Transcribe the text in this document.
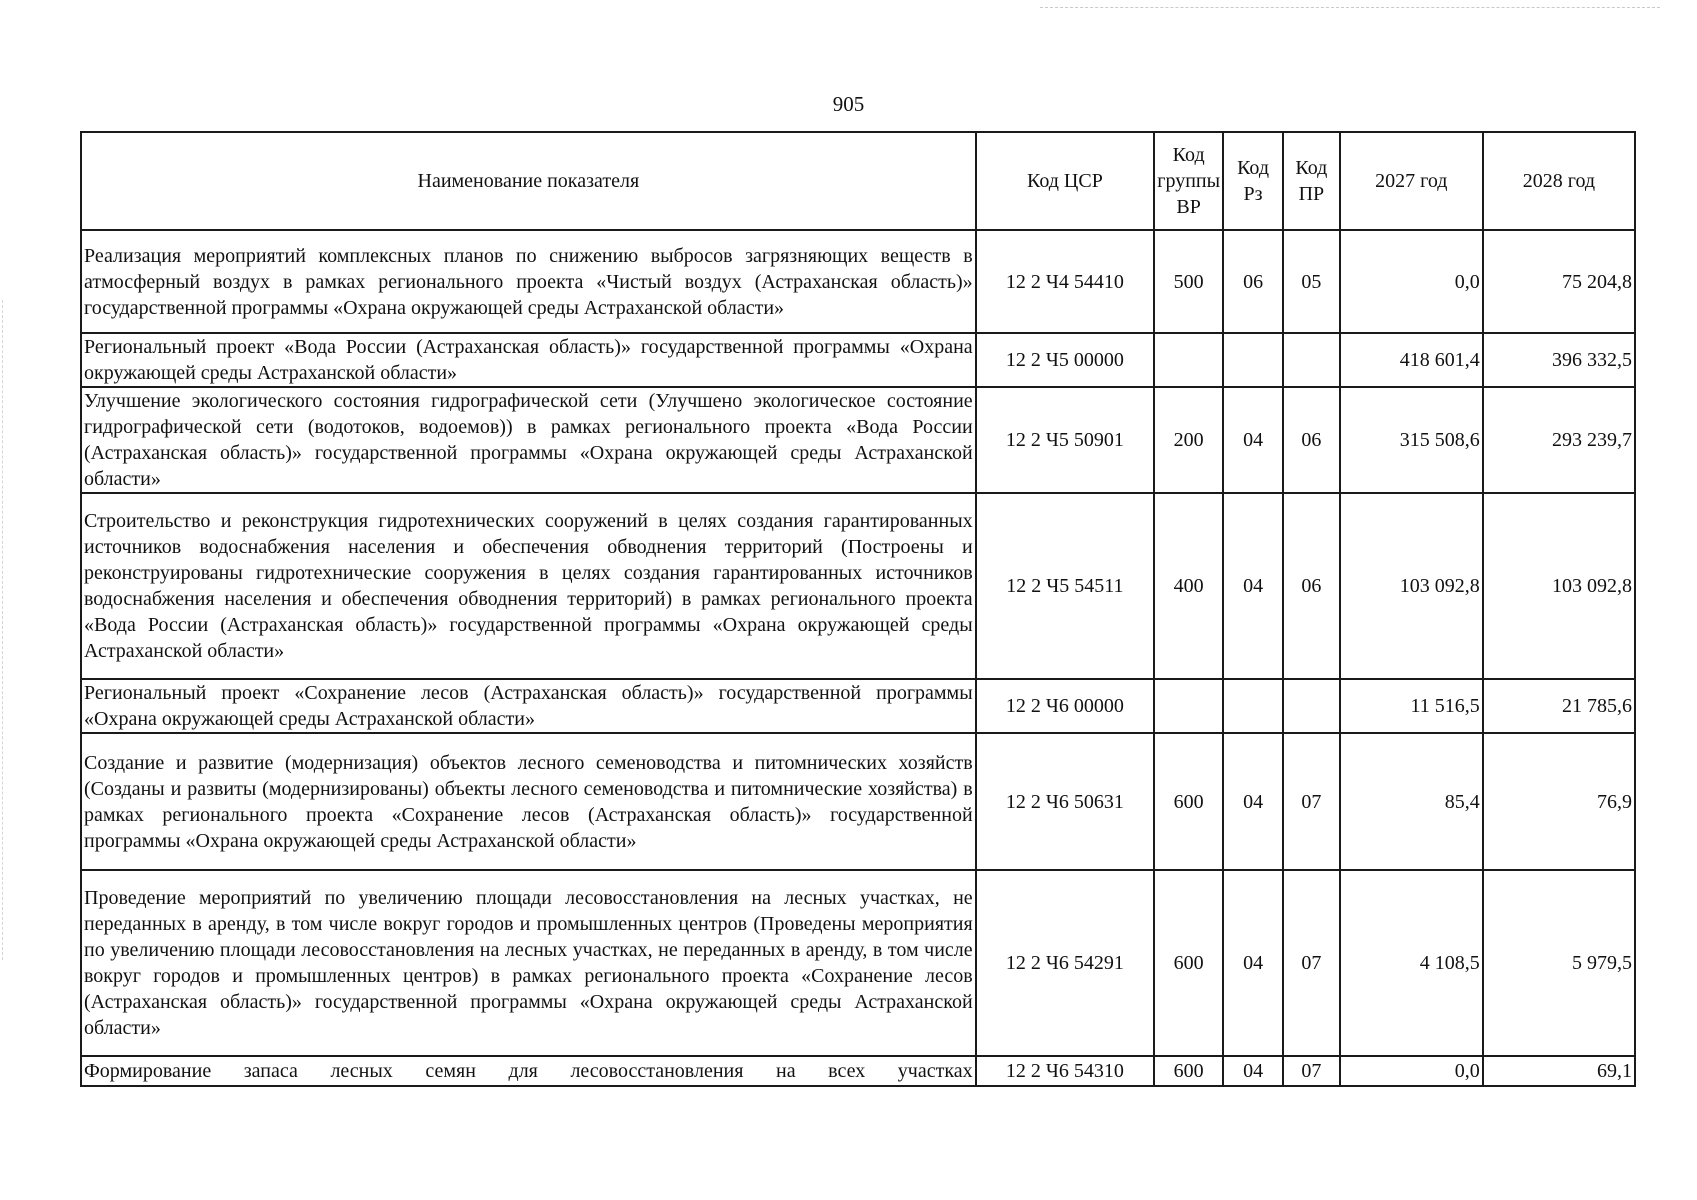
905
Наименование показателя	Код ЦСР	Код группы ВР	Код Рз	Код ПР	2027 год	2028 год
Реализация мероприятий комплексных планов по снижению выбросов загрязняющих веществ в атмосферный воздух в рамках регионального проекта «Чистый воздух (Астраханская область)» государственной программы «Охрана окружающей среды Астраханской области»	12 2 Ч4 54410	500	06	05	0,0	75 204,8
Региональный проект «Вода России (Астраханская область)» государственной программы «Охрана окружающей среды Астраханской области»	12 2 Ч5 00000				418 601,4	396 332,5
Улучшение экологического состояния гидрографической сети (Улучшено экологическое состояние гидрографической сети (водотоков, водоемов)) в рамках регионального проекта «Вода России (Астраханская область)» государственной программы «Охрана окружающей среды Астраханской области»	12 2 Ч5 50901	200	04	06	315 508,6	293 239,7
Строительство и реконструкция гидротехнических сооружений в целях создания гарантированных источников водоснабжения населения и обеспечения обводнения территорий (Построены и реконструированы гидротехнические сооружения в целях создания гарантированных источников водоснабжения населения и обеспечения обводнения территорий) в рамках регионального проекта «Вода России (Астраханская область)» государственной программы «Охрана окружающей среды Астраханской области»	12 2 Ч5 54511	400	04	06	103 092,8	103 092,8
Региональный проект «Сохранение лесов (Астраханская область)» государственной программы «Охрана окружающей среды Астраханской области»	12 2 Ч6 00000				11 516,5	21 785,6
Создание и развитие (модернизация) объектов лесного семеноводства и питомнических хозяйств (Созданы и развиты (модернизированы) объекты лесного семеноводства и питомнические хозяйства) в рамках регионального проекта «Сохранение лесов (Астраханская область)» государственной программы «Охрана окружающей среды Астраханской области»	12 2 Ч6 50631	600	04	07	85,4	76,9
Проведение мероприятий по увеличению площади лесовосстановления на лесных участках, не переданных в аренду, в том числе вокруг городов и промышленных центров (Проведены мероприятия по увеличению площади лесовосстановления на лесных участках, не переданных в аренду, в том числе вокруг городов и промышленных центров) в рамках регионального проекта «Сохранение лесов (Астраханская область)» государственной программы «Охрана окружающей среды Астраханской области»	12 2 Ч6 54291	600	04	07	4 108,5	5 979,5
Формирование запаса лесных семян для лесовосстановления на всех участках	12 2 Ч6 54310	600	04	07	0,0	69,1
